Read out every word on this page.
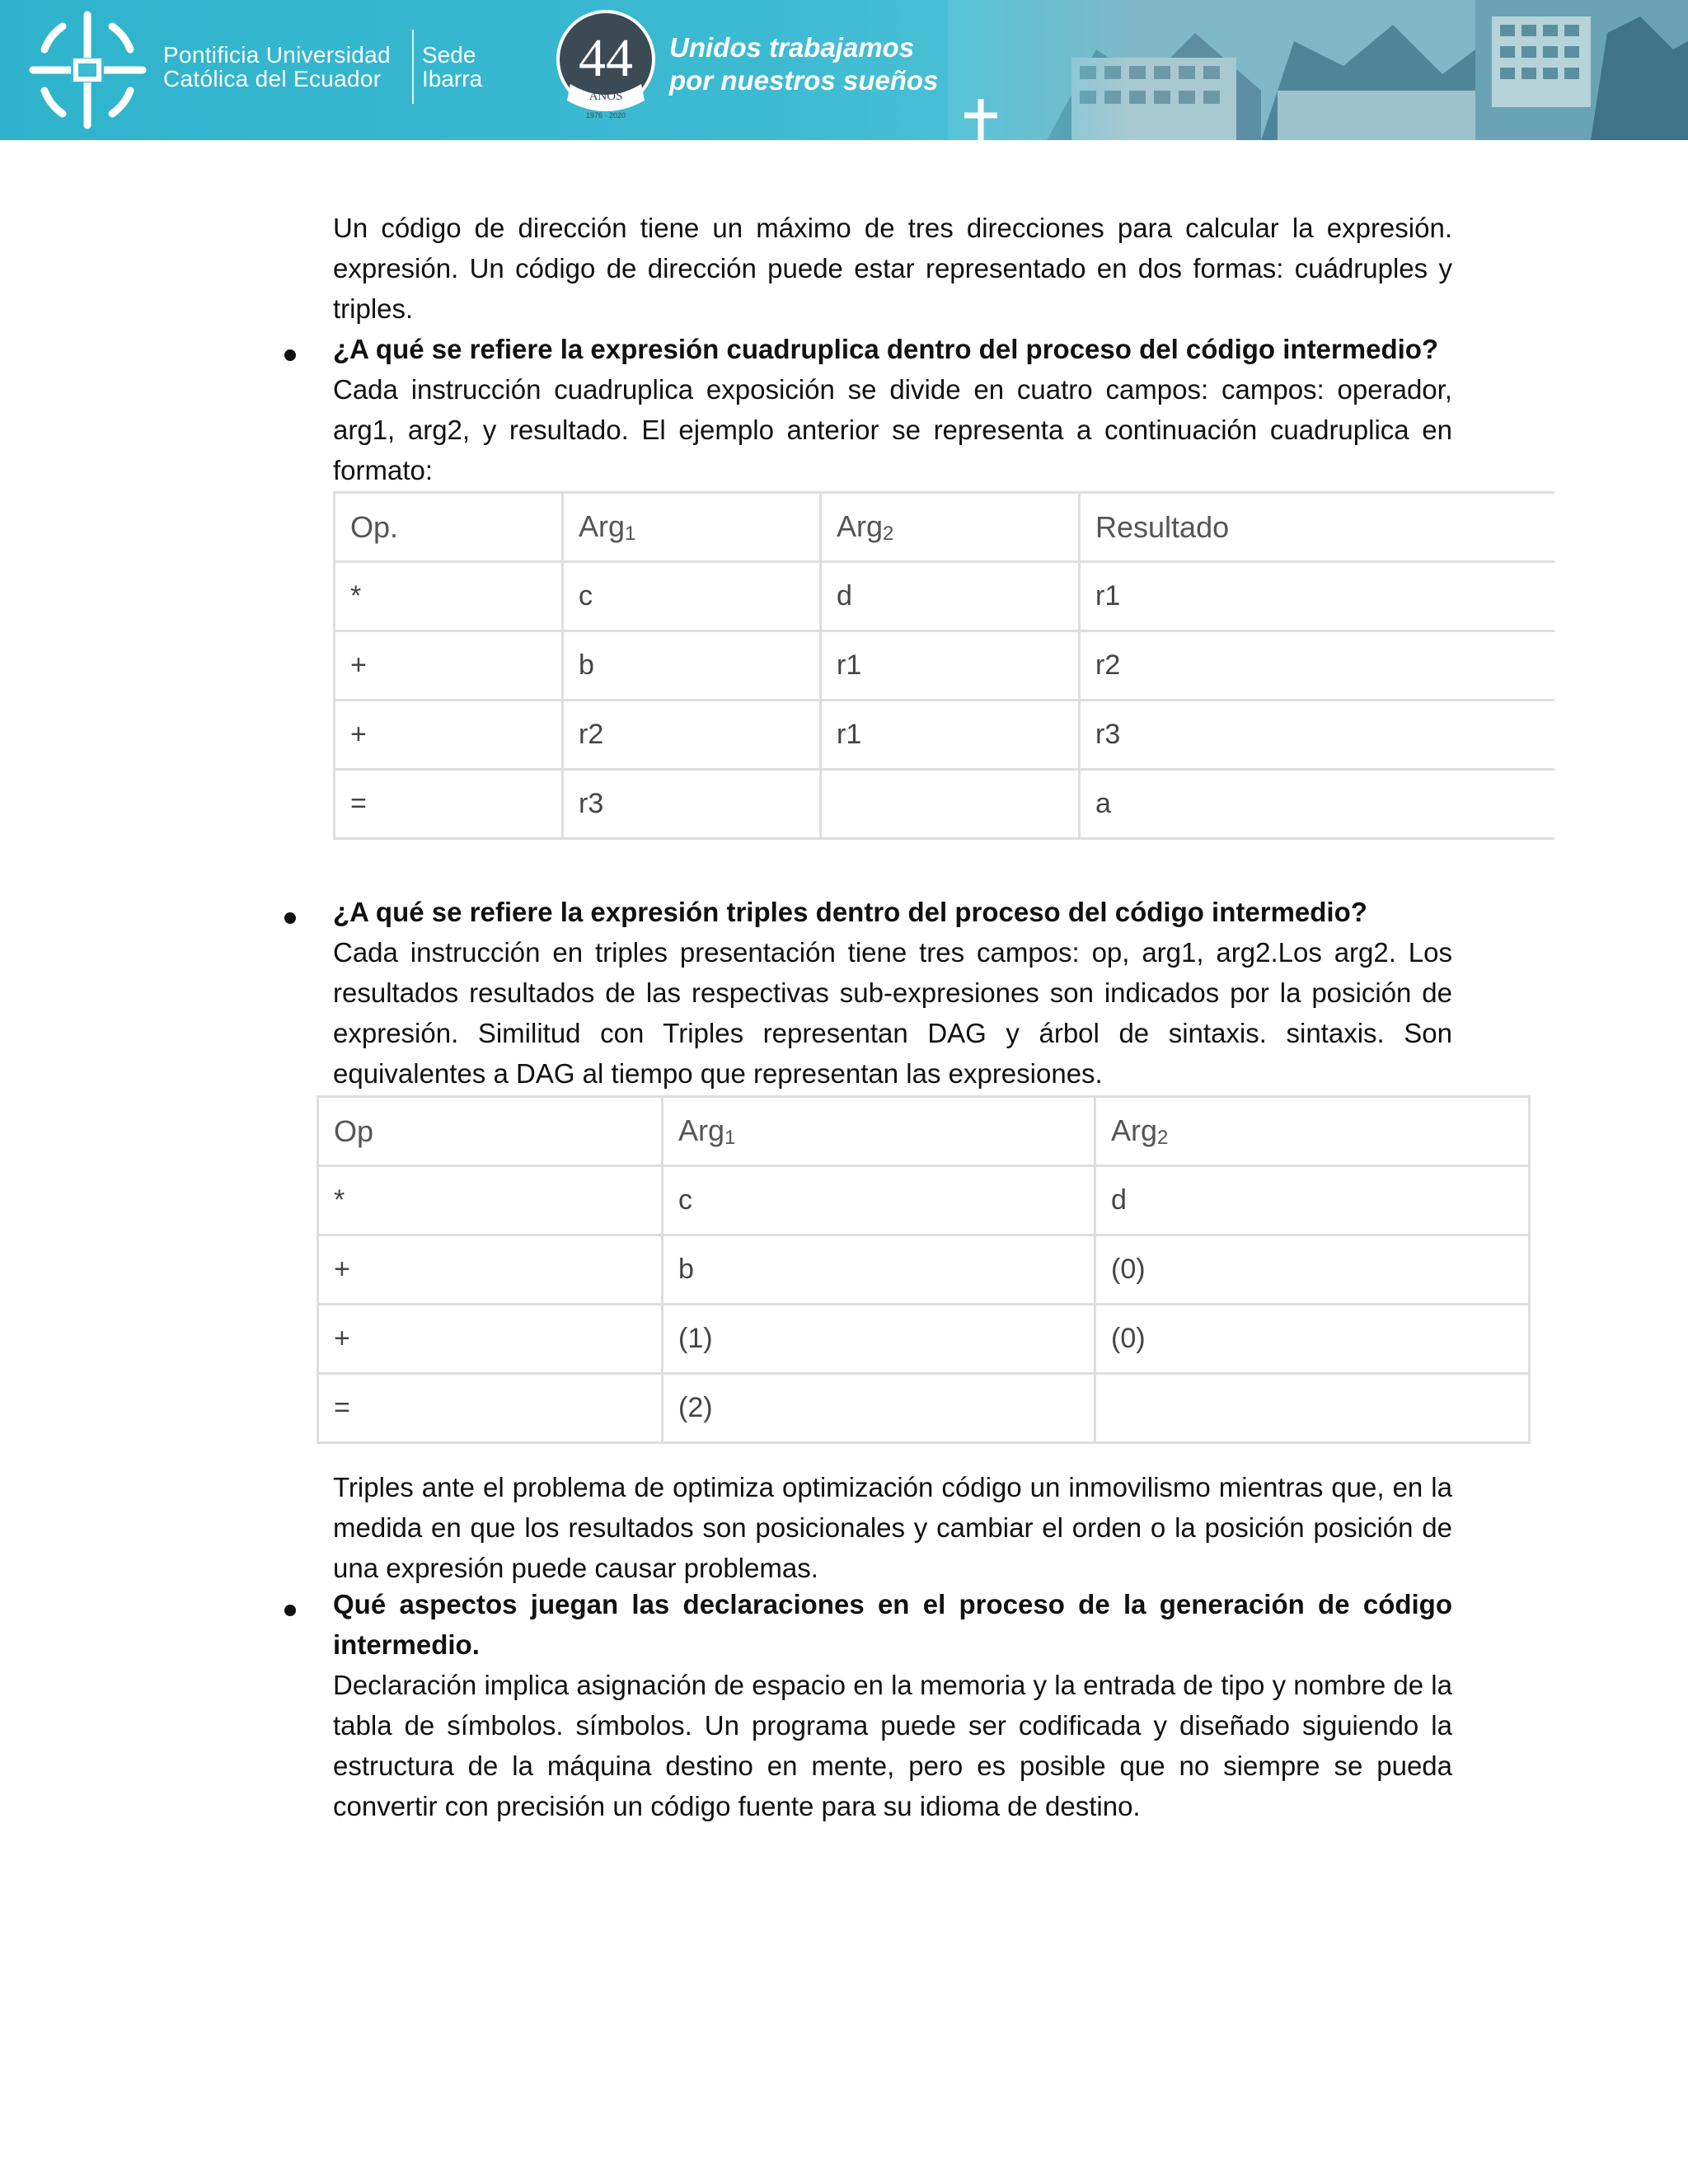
Pontificia Universidad
Católica del Ecuador
Sede
Ibarra 44
AÑOS
1976 · 2020
Unidos trabajamos
por nuestros sueños

Un código de dirección tiene un máximo de tres direcciones para calcular la expresión. expresión. Un código de dirección puede estar representado en dos formas: cuádruples y triples.

¿A qué se refiere la expresión cuadruplica dentro del proceso del código intermedio?

Cada instrucción cuadruplica exposición se divide en cuatro campos: campos: operador, arg1, arg2, y resultado. El ejemplo anterior se representa a continuación cuadruplica en formato:

Op.	Arg$_1$	Arg$_2$	Resultado
*	c	d	r1
+	b	r1	r2
+	r2	r1	r3
=	r3		a

¿A qué se refiere la expresión triples dentro del proceso del código intermedio?

Cada instrucción en triples presentación tiene tres campos: op, arg1, arg2.Los arg2. Los resultados resultados de las respectivas sub-expresiones son indicados por la posición de expresión. Similitud con Triples representan DAG y árbol de sintaxis. sintaxis. Son equivalentes a DAG al tiempo que representan las expresiones.

Op	Arg$_1$	Arg$_2$
*	c	d
+	b	(0)
+	(1)	(0)
=	(2)	

Triples ante el problema de optimiza optimización código un inmovilismo mientras que, en la medida en que los resultados son posicionales y cambiar el orden o la posición posición de una expresión puede causar problemas.

Qué aspectos juegan las declaraciones en el proceso de la generación de código intermedio.

Declaración implica asignación de espacio en la memoria y la entrada de tipo y nombre de la tabla de símbolos. símbolos. Un programa puede ser codificada y diseñado siguiendo la estructura de la máquina destino en mente, pero es posible que no siempre se pueda convertir con precisión un código fuente para su idioma de destino.
